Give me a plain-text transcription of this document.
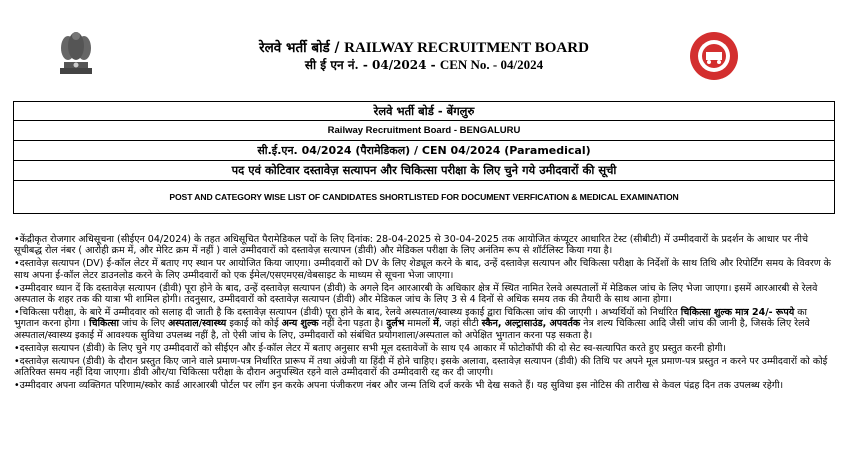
रेलवे भर्ती बोर्ड / RAILWAY RECRUITMENT BOARD
सी ई एन नं. - 04/2024 - CEN No. - 04/2024
रेलवे भर्ती बोर्ड - बेंगलुरु
Railway Recruitment Board - BENGALURU
सी.ई.एन. 04/2024 (पैरामेडिकल) / CEN 04/2024 (Paramedical)
पद एवं कोटिवार दस्तावेज़ सत्यापन और चिकित्सा परीक्षा के लिए चुने गये उमीदवारों की सूची
POST AND CATEGORY WISE LIST OF CANDIDATES SHORTLISTED FOR DOCUMENT VERFICATION & MEDICAL EXAMINATION

•केंद्रीकृत रोजगार अधिसूचना (सीईएन 04/2024) के तहत अधिसूचित पैरामेडिकल पदों के लिए दिनांक: 28-04-2025 से 30-04-2025 तक आयोजित कंप्यूटर आधारित टेस्ट (सीबीटी) में उम्मीदवारों के प्रदर्शन के आधार पर नीचे सूचीबद्ध रोल नंबर ( आरोही क्रम में, और मेरिट क्रम में नहीं ) वाले उम्मीदवारों को दस्तावेज़ सत्यापन (डीवी) और मेडिकल परीक्षा के लिए अनंतिम रूप से शॉर्टलिस्ट किया गया है।

•दस्तावेज़ सत्यापन (DV) ई-कॉल लेटर में बताए गए स्थान पर आयोजित किया जाएगा। उम्मीदवारों को DV के लिए शेड्यूल करने के बाद, उन्हें दस्तावेज़ सत्यापन और चिकित्सा परीक्षा के निर्देशों के साथ तिथि और रिपोर्टिंग समय के विवरण के साथ अपना ई-कॉल लेटर डाउनलोड करने के लिए उम्मीदवारों को एक ईमेल/एसएमएस/वेबसाइट के माध्यम से सूचना भेजा जाएगा।

•उम्मीदवार ध्यान दें कि दस्तावेज़ सत्यापन (डीवी) पूरा होने के बाद, उन्हें दस्तावेज़ सत्यापन (डीवी) के अगले दिन आरआरबी के अधिकार क्षेत्र में स्थित नामित रेलवे अस्पतालों में मेडिकल जांच के लिए भेजा जाएगा। इसमें आरआरबी से रेलवे अस्पताल के शहर तक की यात्रा भी शामिल होगी। तदनुसार, उम्मीदवारों को दस्तावेज़ सत्यापन (डीवी) और मेडिकल जांच के लिए 3 से 4 दिनों से अधिक समय तक की तैयारी के साथ आना होगा।

•चिकित्सा परीक्षा, के बारे में उम्मीदवार को सलाह दी जाती है कि दस्तावेज़ सत्यापन (डीवी) पूरा होने के बाद, रेलवे अस्पताल/स्वास्थ्य इकाई द्वारा चिकित्सा जांच की जाएगी । अभ्यर्थियों को निर्धारित चिकित्सा शुल्क मात्र 24/- रूपये का भुगतान करना होगा । चिकित्सा जांच के लिए अस्पताल/स्वास्थ्य इकाई को कोई अन्य शुल्क नहीं देना पड़ता है। दुर्लभ मामलों में, जहां सीटी स्कैन, अल्ट्रासाउंड, अपवर्तक नेत्र शल्य चिकित्सा आदि जैसी जांच की जानी है, जिसके लिए रेलवे अस्पताल/स्वास्थ्य इकाई में आवश्यक सुविधा उपलब्ध नहीं है, तो ऐसी जांच के लिए, उम्मीदवारों को संबंधित प्रयोगशाला/अस्पताल को अपेक्षित भुगतान करना पड़ सकता है।

•दस्तावेज़ सत्यापन (डीवी) के लिए चुने गए उम्मीदवारों को सीईएन और ई-कॉल लेटर में बताए अनुसार सभी मूल दस्तावेजों के साथ ए4 आकार में फोटोकॉपी की दो सेट स्व-सत्यापित करते हुए प्रस्तुत करनी होगी।

•दस्तावेज़ सत्यापन (डीवी) के दौरान प्रस्तुत किए जाने वाले प्रमाण-पत्र निर्धारित प्रारूप में तथा अंग्रेजी या हिंदी में होने चाहिए। इसके अलावा, दस्तावेज़ सत्यापन (डीवी) की तिथि पर अपने मूल प्रमाण-पत्र प्रस्तुत न करने पर उम्मीदवारों को कोई अतिरिक्त समय नहीं दिया जाएगा। डीवी और/या चिकित्सा परीक्षा के दौरान अनुपस्थित रहने वाले उम्मीदवारों की उम्मीदवारी रद्द कर दी जाएगी।

•उम्मीदवार अपना व्यक्तिगत परिणाम/स्कोर कार्ड आरआरबी पोर्टल पर लॉग इन करके अपना पंजीकरण नंबर और जन्म तिथि दर्ज करके भी देख सकते हैं। यह सुविधा इस नोटिस की तारीख से केवल पंद्रह दिन तक उपलब्ध रहेगी।
